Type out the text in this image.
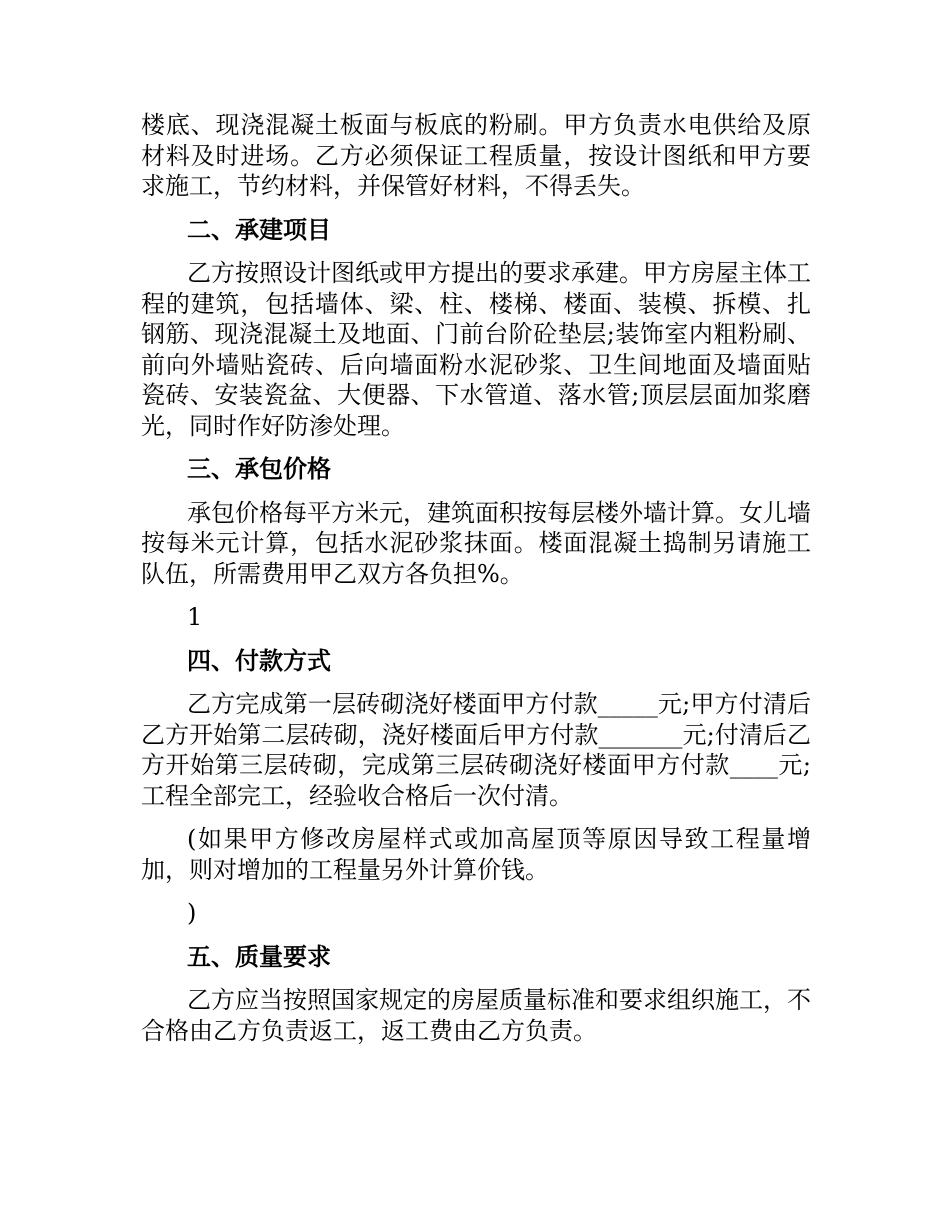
楼底、现浇混凝土板面与板底的粉刷。甲方负责水电供给及原材料及时进场。乙方必须保证工程质量，按设计图纸和甲方要求施工，节约材料，并保管好材料，不得丢失。

二、承建项目

乙方按照设计图纸或甲方提出的要求承建。甲方房屋主体工程的建筑，包括墙体、梁、柱、楼梯、楼面、装模、拆模、扎钢筋、现浇混凝土及地面、门前台阶砼垫层;装饰室内粗粉刷、前向外墙贴瓷砖、后向墙面粉水泥砂浆、卫生间地面及墙面贴瓷砖、安装瓷盆、大便器、下水管道、落水管;顶层层面加浆磨光，同时作好防渗处理。

三、承包价格

承包价格每平方米元，建筑面积按每层楼外墙计算。女儿墙按每米元计算，包括水泥砂浆抹面。楼面混凝土捣制另请施工队伍，所需费用甲乙双方各负担%。

1

四、付款方式

乙方完成第一层砖砌浇好楼面甲方付款_____元;甲方付清后乙方开始第二层砖砌，浇好楼面后甲方付款_______元;付清后乙方开始第三层砖砌，完成第三层砖砌浇好楼面甲方付款____元;工程全部完工，经验收合格后一次付清。

(如果甲方修改房屋样式或加高屋顶等原因导致工程量增加，则对增加的工程量另外计算价钱。

)

五、质量要求

乙方应当按照国家规定的房屋质量标准和要求组织施工，不合格由乙方负责返工，返工费由乙方负责。
